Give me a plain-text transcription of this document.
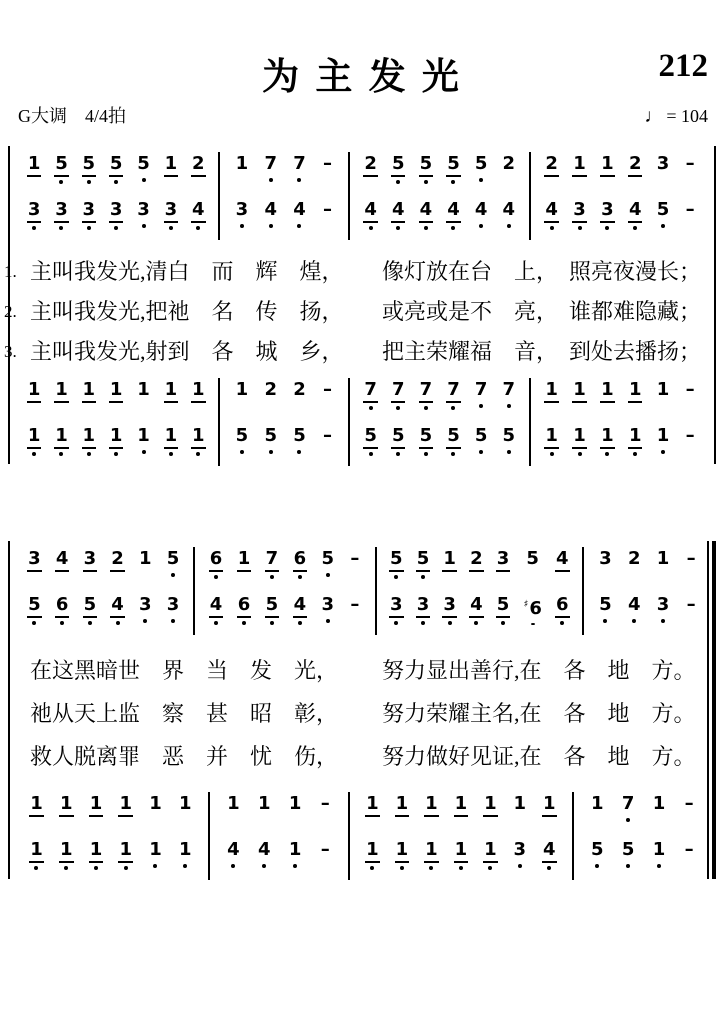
为 主 发 光	212
G大调 4/4拍	♩ = 104
1
3
5
3
5
3
5
3
5
3
1
3
2
4
1
3
7
4
7
4
–
–
2
4
5
4
5
4
5
4
5
4
2
4
2
4
1
3
1
3
2
4
3
5
–
–
1. 主叫我发光,清白　而　辉　煌， 像灯放在台　上，　照亮夜漫长；
2. 主叫我发光,把祂　名　传　扬， 或亮或是不　亮，　谁都难隐藏；
3. 主叫我发光,射到　各　城　乡， 把主荣耀福　音，　到处去播扬；
1
1
1
1
1
1
1
1
1
1
1
1
1
1
1
5
2
5
2
5
–
–
7
5
7
5
7
5
7
5
7
5
7
5
1
1
1
1
1
1
1
1
1
1
–
–
3
5
4
6
3
5
2
4
1
3
5
3
6
4
1
6
7
5
6
4
5
3
–
–
5
3
5
3
1
3
2
4
3
5
5
♯6
4
6
3
5
2
4
1
3
–
–
在这黑暗世　界　当　发　光， 努力显出善行,在　各　地　方。
祂从天上监　察　甚　昭　彰， 努力荣耀主名,在　各　地　方。
救人脱离罪　恶　并　忧　伤， 努力做好见证,在　各　地　方。
1
1
1
1
1
1
1
1
1
1
1
1
1
4
1
4
1
1
–
–
1
1
1
1
1
1
1
1
1
1
1
3
1
4
1
5
7
5
1
1
–
–
